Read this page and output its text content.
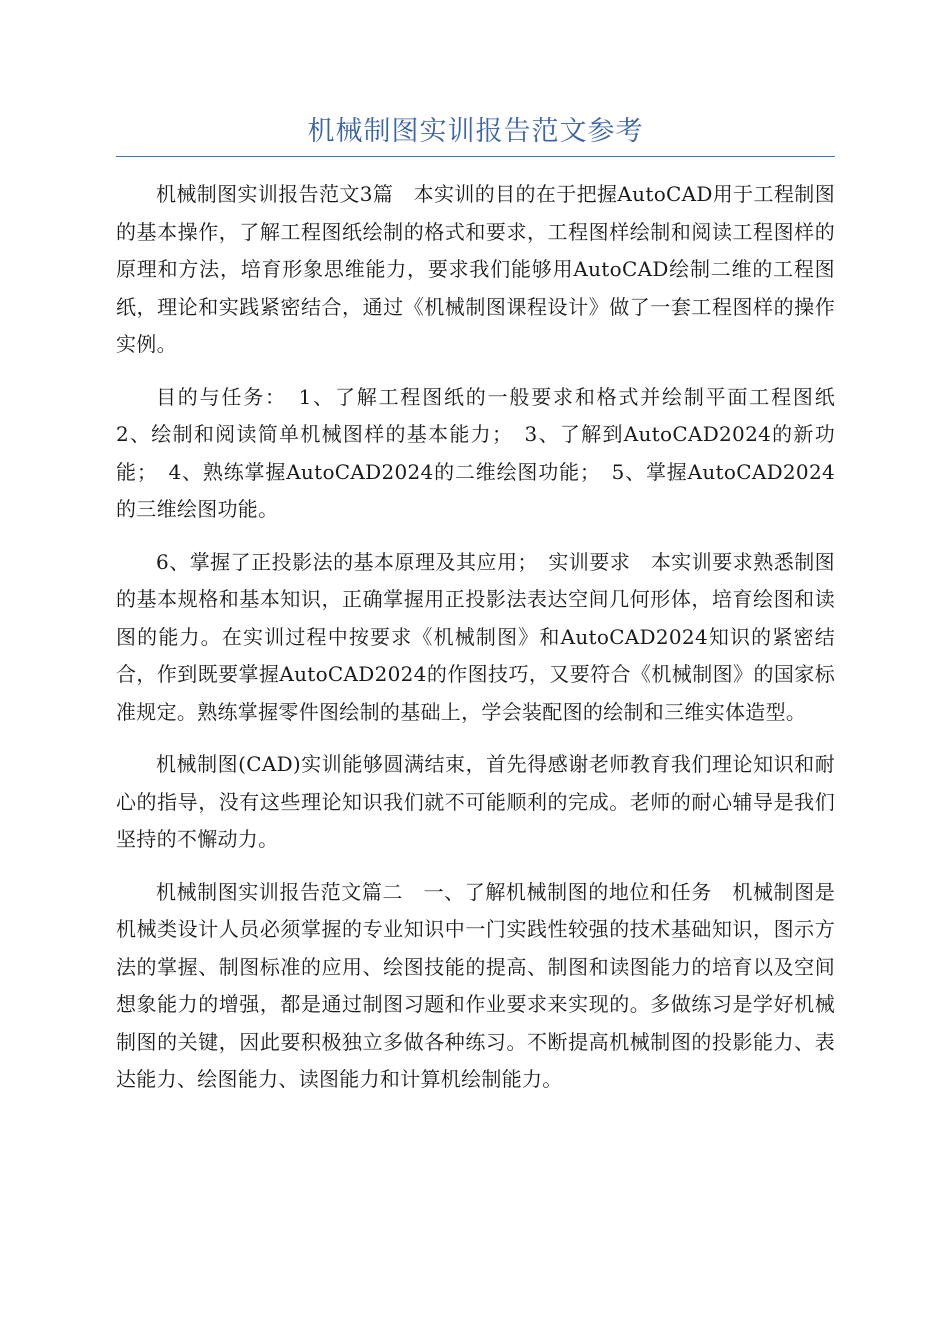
机械制图实训报告范文参考

机械制图实训报告范文3篇　本实训的目的在于把握AutoCAD用于工程制图的基本操作，了解工程图纸绘制的格式和要求，工程图样绘制和阅读工程图样的原理和方法，培育形象思维能力，要求我们能够用AutoCAD绘制二维的工程图纸，理论和实践紧密结合，通过《机械制图课程设计》做了一套工程图样的操作实例。

目的与任务：　1、了解工程图纸的一般要求和格式并绘制平面工程图纸　2、绘制和阅读简单机械图样的基本能力；　3、了解到AutoCAD2024的新功能；　4、熟练掌握AutoCAD2024的二维绘图功能；　5、掌握AutoCAD2024的三维绘图功能。

6、掌握了正投影法的基本原理及其应用；　实训要求　本实训要求熟悉制图的基本规格和基本知识，正确掌握用正投影法表达空间几何形体，培育绘图和读图的能力。在实训过程中按要求《机械制图》和AutoCAD2024知识的紧密结合，作到既要掌握AutoCAD2024的作图技巧，又要符合《机械制图》的国家标准规定。熟练掌握零件图绘制的基础上，学会装配图的绘制和三维实体造型。

机械制图(CAD)实训能够圆满结束，首先得感谢老师教育我们理论知识和耐心的指导，没有这些理论知识我们就不可能顺利的完成。老师的耐心辅导是我们坚持的不懈动力。

机械制图实训报告范文篇二　一、了解机械制图的地位和任务　机械制图是机械类设计人员必须掌握的专业知识中一门实践性较强的技术基础知识，图示方法的掌握、制图标准的应用、绘图技能的提高、制图和读图能力的培育以及空间想象能力的增强，都是通过制图习题和作业要求来实现的。多做练习是学好机械制图的关键，因此要积极独立多做各种练习。不断提高机械制图的投影能力、表达能力、绘图能力、读图能力和计算机绘制能力。
